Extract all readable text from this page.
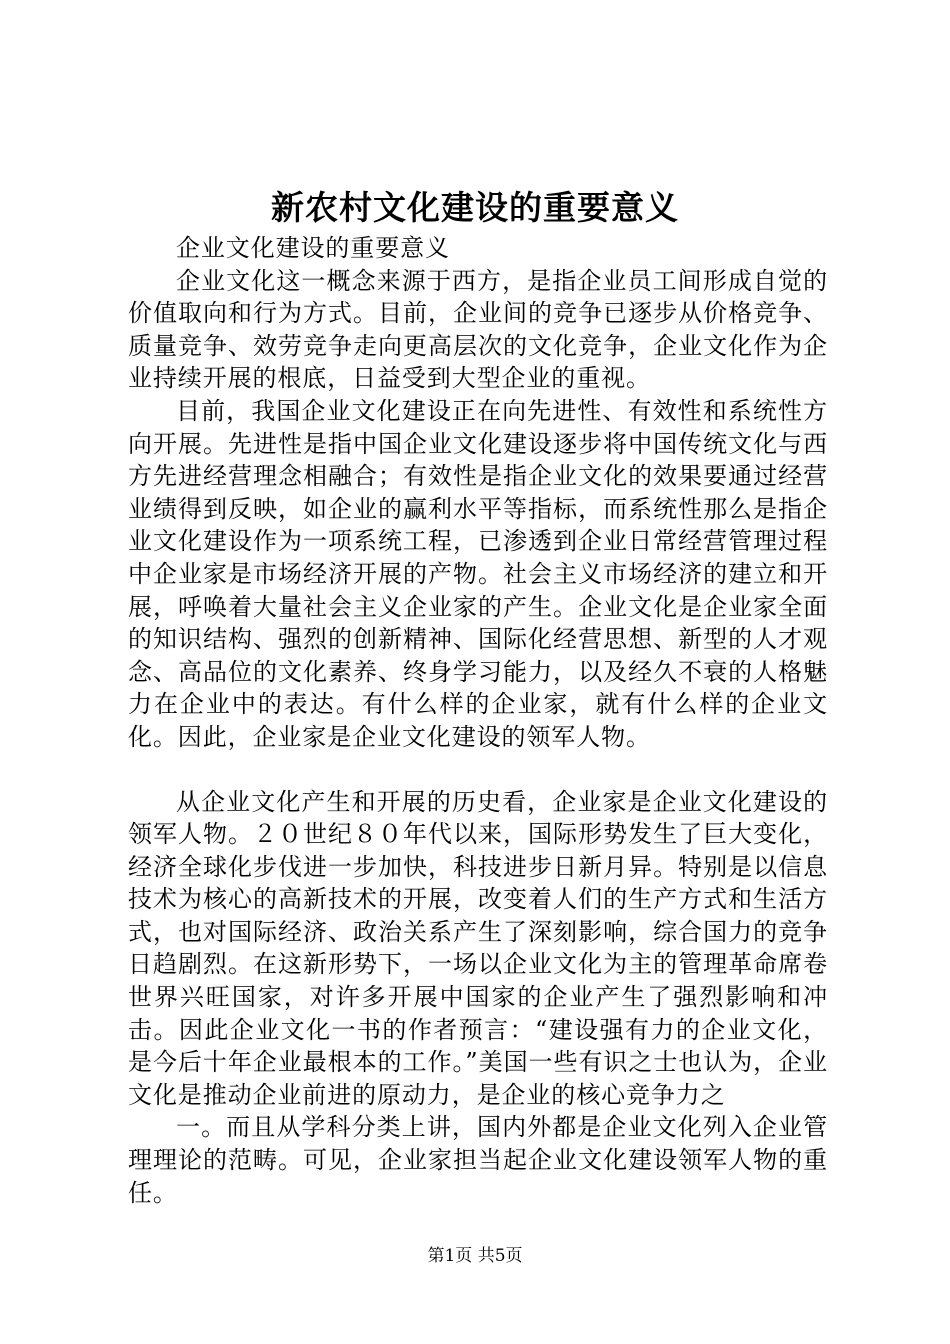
新农村文化建设的重要意义

企业文化建设的重要意义

企业文化这一概念来源于西方，是指企业员工间形成自觉的价值取向和行为方式。目前，企业间的竞争已逐步从价格竞争、质量竞争、效劳竞争走向更高层次的文化竞争，企业文化作为企业持续开展的根底，日益受到大型企业的重视。

目前，我国企业文化建设正在向先进性、有效性和系统性方向开展。先进性是指中国企业文化建设逐步将中国传统文化与西方先进经营理念相融合；有效性是指企业文化的效果要通过经营业绩得到反映，如企业的赢利水平等指标，而系统性那么是指企业文化建设作为一项系统工程，已渗透到企业日常经营管理过程中企业家是市场经济开展的产物。社会主义市场经济的建立和开展，呼唤着大量社会主义企业家的产生。企业文化是企业家全面的知识结构、强烈的创新精神、国际化经营思想、新型的人才观念、高品位的文化素养、终身学习能力，以及经久不衰的人格魅力在企业中的表达。有什么样的企业家，就有什么样的企业文化。因此，企业家是企业文化建设的领军人物。

从企业文化产生和开展的历史看，企业家是企业文化建设的领军人物。２０世纪８０年代以来，国际形势发生了巨大变化，经济全球化步伐进一步加快，科技进步日新月异。特别是以信息技术为核心的高新技术的开展，改变着人们的生产方式和生活方式，也对国际经济、政治关系产生了深刻影响，综合国力的竞争日趋剧烈。在这新形势下，一场以企业文化为主的管理革命席卷世界兴旺国家，对许多开展中国家的企业产生了强烈影响和冲击。因此企业文化一书的作者预言：“建设强有力的企业文化，是今后十年企业最根本的工作。”美国一些有识之士也认为，企业文化是推动企业前进的原动力，是企业的核心竞争力之

一。而且从学科分类上讲，国内外都是企业文化列入企业管理理论的范畴。可见，企业家担当起企业文化建设领军人物的重任。

第1页 共5页
